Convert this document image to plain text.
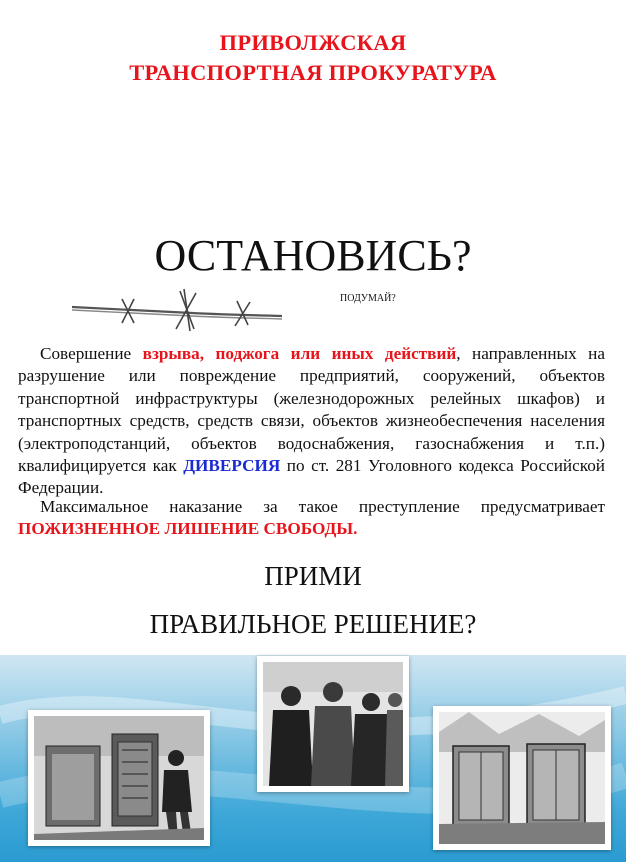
ПРИВОЛЖСКАЯ
ТРАНСПОРТНАЯ ПРОКУРАТУРА
ОСТАНОВИСЬ?
ПОДУМАЙ?

Совершение взрыва, поджога или иных действий, направленных на разрушение или повреждение предприятий, сооружений, объектов транспортной инфраструктуры (железнодорожных релейных шкафов) и транспортных средств, средств связи, объектов жизнеобеспечения населения (электроподстанций, объектов водоснабжения, газоснабжения и т.п.) квалифицируется как ДИВЕРСИЯ по ст. 281 Уголовного кодекса Российской Федерации.

Максимальное наказание за такое преступление предусматривает ПОЖИЗНЕННОЕ ЛИШЕНИЕ СВОБОДЫ.

ПРИМИ
ПРАВИЛЬНОЕ РЕШЕНИЕ?
